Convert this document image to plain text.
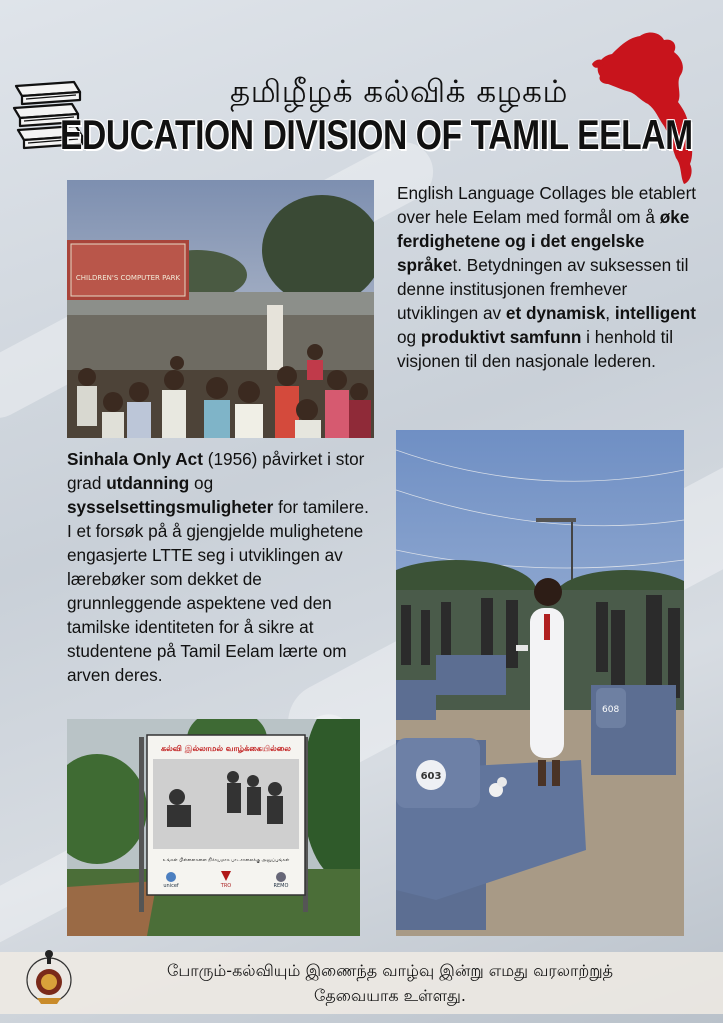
தமிழீழக் கல்விக் கழகம்
EDUCATION DIVISION OF TAMIL EELAM
CHILDREN'S COMPUTER PARK
English Language Collages ble etablert over hele Eelam med formål om å øke ferdighetene og i det engelske språket. Betydningen av suksessen til denne institusjonen fremhever utviklingen av et dynamisk, intelligent og produktivt samfunn i henhold til visjonen til den nasjonale lederen.
Sinhala Only Act (1956) påvirket i stor grad utdanning og sysselsettingsmuligheter for tamilere. I et forsøk på å gjengjelde mulighetene engasjerte LTTE seg i utviklingen av lærebøker som dekket de grunnleggende aspektene ved den tamilske identiteten for å sikre at studentene på Tamil Eelam lærte om arven deres.
608
603
கல்வி இல்லாமல் வாழ்க்கையில்லை
உங்கள் பிள்ளைகளை நிச்சயமாக பாடசாலைக்கு அனுப்புங்கள்
unicef	TRO	REMO
போரும்-கல்வியும் இணைந்த வாழ்வு இன்று எமது வரலாற்றுத்
தேவையாக உள்ளது.
